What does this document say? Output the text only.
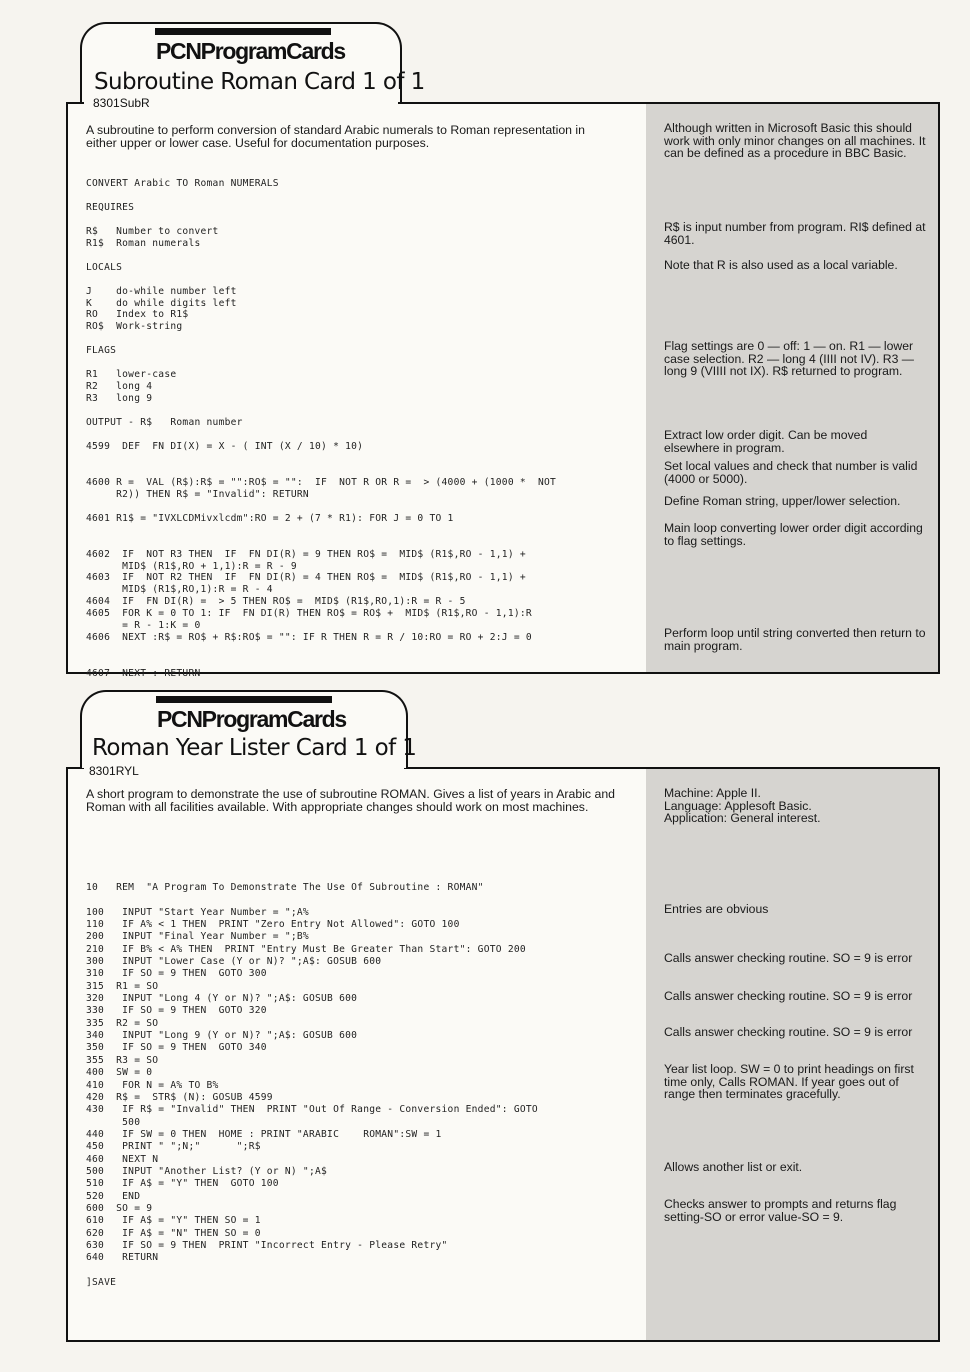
A subroutine to perform conversion of standard Arabic numerals to Roman representation in either upper or lower case. Useful for documentation purposes.
CONVERT Arabic TO Roman NUMERALS

REQUIRES

R$   Number to convert
R1$  Roman numerals

LOCALS

J    do-while number left
K    do while digits left
RO   Index to R1$
RO$  Work-string

FLAGS

R1   lower-case
R2   long 4
R3   long 9

OUTPUT - R$   Roman number

4599  DEF  FN DI(X) = X - ( INT (X / 10) * 10)

4600 R =  VAL (R$):R$ = "":RO$ = "":  IF  NOT R OR R =  > (4000 + (1000 *  NOT
R2)) THEN R$ = "Invalid": RETURN

4601 R1$ = "IVXLCDMivxlcdm":RO = 2 + (7 * R1): FOR J = 0 TO 1

4602  IF  NOT R3 THEN  IF  FN DI(R) = 9 THEN RO$ =  MID$ (R1$,RO - 1,1) +
MID$ (R1$,RO + 1,1):R = R - 9
4603  IF  NOT R2 THEN  IF  FN DI(R) = 4 THEN RO$ =  MID$ (R1$,RO - 1,1) +
MID$ (R1$,RO,1):R = R - 4
4604  IF  FN DI(R) =  > 5 THEN RO$ =  MID$ (R1$,RO,1):R = R - 5
4605  FOR K = 0 TO 1: IF  FN DI(R) THEN RO$ = RO$ +  MID$ (R1$,RO - 1,1):R
= R - 1:K = 0
4606  NEXT :R$ = RO$ + R$:RO$ = "": IF R THEN R = R / 10:RO = RO + 2:J = 0

4607  NEXT : RETURN
Although written in Microsoft Basic this should work with only minor changes on all machines. It can be defined as a procedure in BBC Basic.
R$ is input number from program. RI$ defined at 4601.
Note that R is also used as a local variable.
Flag settings are 0 — off: 1 — on. R1 — lower case selection. R2 — long 4 (IIII not IV). R3 — long 9 (VIIII not IX). R$ returned to program.
Extract low order digit. Can be moved elsewhere in program.
Set local values and check that number is valid (4000 or 5000).
Define Roman string, upper/lower selection.
Main loop converting lower order digit according to flag settings.
Perform loop until string converted then return to main program.
PCNProgramCards
Subroutine Roman Card 1 of 1
8301SubR
A short program to demonstrate the use of subroutine ROMAN. Gives a list of years in Arabic and Roman with all facilities available. With appropriate changes should work on most machines.
10   REM  "A Program To Demonstrate The Use Of Subroutine : ROMAN"

100   INPUT "Start Year Number = ";A%
110   IF A% < 1 THEN  PRINT "Zero Entry Not Allowed": GOTO 100
200   INPUT "Final Year Number = ";B%
210   IF B% < A% THEN  PRINT "Entry Must Be Greater Than Start": GOTO 200
300   INPUT "Lower Case (Y or N)? ";A$: GOSUB 600
310   IF SO = 9 THEN  GOTO 300
315  R1 = SO
320   INPUT "Long 4 (Y or N)? ";A$: GOSUB 600
330   IF SO = 9 THEN  GOTO 320
335  R2 = SO
340   INPUT "Long 9 (Y or N)? ";A$: GOSUB 600
350   IF SO = 9 THEN  GOTO 340
355  R3 = SO
400  SW = 0
410   FOR N = A% TO B%
420  R$ =  STR$ (N): GOSUB 4599
430   IF R$ = "Invalid" THEN  PRINT "Out Of Range - Conversion Ended": GOTO
500
440   IF SW = 0 THEN  HOME : PRINT "ARABIC    ROMAN":SW = 1
450   PRINT " ";N;"      ";R$
460   NEXT N
500   INPUT "Another List? (Y or N) ";A$
510   IF A$ = "Y" THEN  GOTO 100
520   END
600  SO = 9
610   IF A$ = "Y" THEN SO = 1
620   IF A$ = "N" THEN SO = 0
630   IF SO = 9 THEN  PRINT "Incorrect Entry - Please Retry"
640   RETURN

]SAVE
Machine: Apple II.
Language: Applesoft Basic.
Application: General interest.
Entries are obvious
Calls answer checking routine. SO = 9 is error
Calls answer checking routine. SO = 9 is error
Calls answer checking routine. SO = 9 is error
Year list loop. SW = 0 to print headings on first time only, Calls ROMAN. If year goes out of range then terminates gracefully.
Allows another list or exit.
Checks answer to prompts and returns flag setting-SO or error value-SO = 9.
PCNProgramCards
Roman Year Lister Card 1 of 1
8301RYL
